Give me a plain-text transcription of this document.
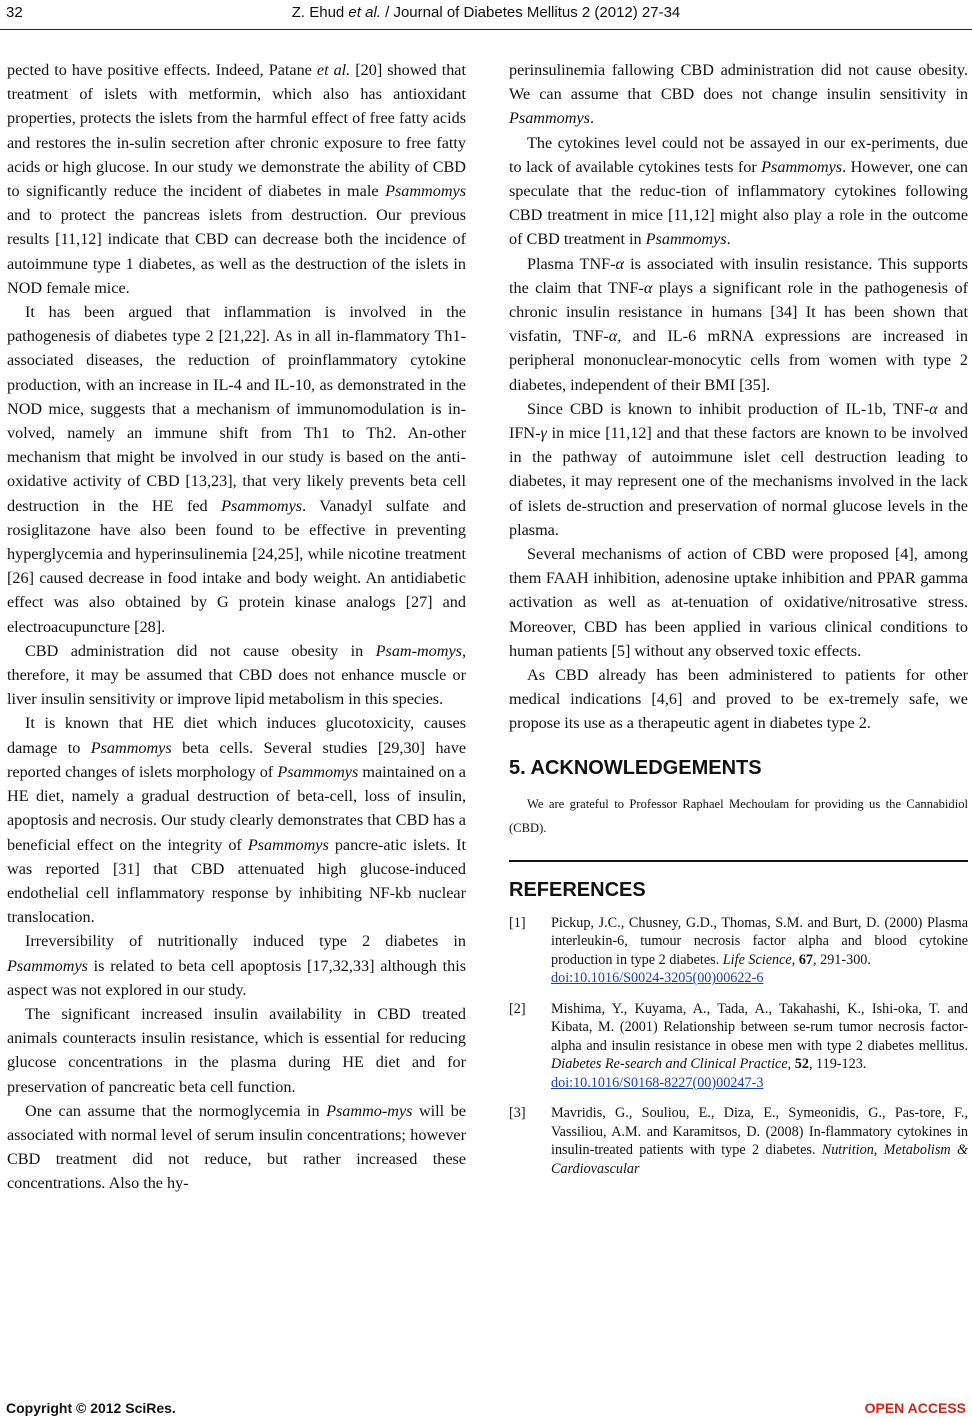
32	Z. Ehud et al. / Journal of Diabetes Mellitus 2 (2012) 27-34

pected to have positive effects. Indeed, Patane et al. [20] showed that treatment of islets with metformin, which also has antioxidant properties, protects the islets from the harmful effect of free fatty acids and restores the in-sulin secretion after chronic exposure to free fatty acids or high glucose. In our study we demonstrate the ability of CBD to significantly reduce the incident of diabetes in male Psammomys and to protect the pancreas islets from destruction. Our previous results [11,12] indicate that CBD can decrease both the incidence of autoimmune type 1 diabetes, as well as the destruction of the islets in NOD female mice.

It has been argued that inflammation is involved in the pathogenesis of diabetes type 2 [21,22]. As in all in-flammatory Th1-associated diseases, the reduction of proinflammatory cytokine production, with an increase in IL-4 and IL-10, as demonstrated in the NOD mice, suggests that a mechanism of immunomodulation is in-volved, namely an immune shift from Th1 to Th2. An-other mechanism that might be involved in our study is based on the anti-oxidative activity of CBD [13,23], that very likely prevents beta cell destruction in the HE fed Psammomys. Vanadyl sulfate and rosiglitazone have also been found to be effective in preventing hyperglycemia and hyperinsulinemia [24,25], while nicotine treatment [26] caused decrease in food intake and body weight. An antidiabetic effect was also obtained by G protein kinase analogs [27] and electroacupuncture [28].

CBD administration did not cause obesity in Psam-momys, therefore, it may be assumed that CBD does not enhance muscle or liver insulin sensitivity or improve lipid metabolism in this species.

It is known that HE diet which induces glucotoxicity, causes damage to Psammomys beta cells. Several studies [29,30] have reported changes of islets morphology of Psammomys maintained on a HE diet, namely a gradual destruction of beta-cell, loss of insulin, apoptosis and necrosis. Our study clearly demonstrates that CBD has a beneficial effect on the integrity of Psammomys pancre-atic islets. It was reported [31] that CBD attenuated high glucose-induced endothelial cell inflammatory response by inhibiting NF-kb nuclear translocation.

Irreversibility of nutritionally induced type 2 diabetes in Psammomys is related to beta cell apoptosis [17,32,33] although this aspect was not explored in our study.

The significant increased insulin availability in CBD treated animals counteracts insulin resistance, which is essential for reducing glucose concentrations in the plasma during HE diet and for preservation of pancreatic beta cell function.

One can assume that the normoglycemia in Psammo-mys will be associated with normal level of serum insulin concentrations; however CBD treatment did not reduce, but rather increased these concentrations. Also the hy-

perinsulinemia fallowing CBD administration did not cause obesity. We can assume that CBD does not change insulin sensitivity in Psammomys.

The cytokines level could not be assayed in our ex-periments, due to lack of available cytokines tests for Psammomys. However, one can speculate that the reduc-tion of inflammatory cytokines following CBD treatment in mice [11,12] might also play a role in the outcome of CBD treatment in Psammomys.

Plasma TNF-α is associated with insulin resistance. This supports the claim that TNF-α plays a significant role in the pathogenesis of chronic insulin resistance in humans [34] It has been shown that visfatin, TNF-α, and IL-6 mRNA expressions are increased in peripheral mononuclear-monocytic cells from women with type 2 diabetes, independent of their BMI [35].

Since CBD is known to inhibit production of IL-1b, TNF-α and IFN-γ in mice [11,12] and that these factors are known to be involved in the pathway of autoimmune islet cell destruction leading to diabetes, it may represent one of the mechanisms involved in the lack of islets de-struction and preservation of normal glucose levels in the plasma.

Several mechanisms of action of CBD were proposed [4], among them FAAH inhibition, adenosine uptake inhibition and PPAR gamma activation as well as at-tenuation of oxidative/nitrosative stress. Moreover, CBD has been applied in various clinical conditions to human patients [5] without any observed toxic effects.

As CBD already has been administered to patients for other medical indications [4,6] and proved to be ex-tremely safe, we propose its use as a therapeutic agent in diabetes type 2.

5. ACKNOWLEDGEMENTS

We are grateful to Professor Raphael Mechoulam for providing us the Cannabidiol (CBD).

REFERENCES
[1]	Pickup, J.C., Chusney, G.D., Thomas, S.M. and Burt, D. (2000) Plasma interleukin-6, tumour necrosis factor alpha and blood cytokine production in type 2 diabetes. Life Science, 67, 291-300.
doi:10.1016/S0024-3205(00)00622-6
[2]	Mishima, Y., Kuyama, A., Tada, A., Takahashi, K., Ishi-oka, T. and Kibata, M. (2001) Relationship between se-rum tumor necrosis factor-alpha and insulin resistance in obese men with type 2 diabetes mellitus. Diabetes Re-search and Clinical Practice, 52, 119-123.
doi:10.1016/S0168-8227(00)00247-3
[3]	Mavridis, G., Souliou, E., Diza, E., Symeonidis, G., Pas-tore, F., Vassiliou, A.M. and Karamitsos, D. (2008) In-flammatory cytokines in insulin-treated patients with type 2 diabetes. Nutrition, Metabolism & Cardiovascular
Copyright © 2012 SciRes.	OPEN ACCESS
